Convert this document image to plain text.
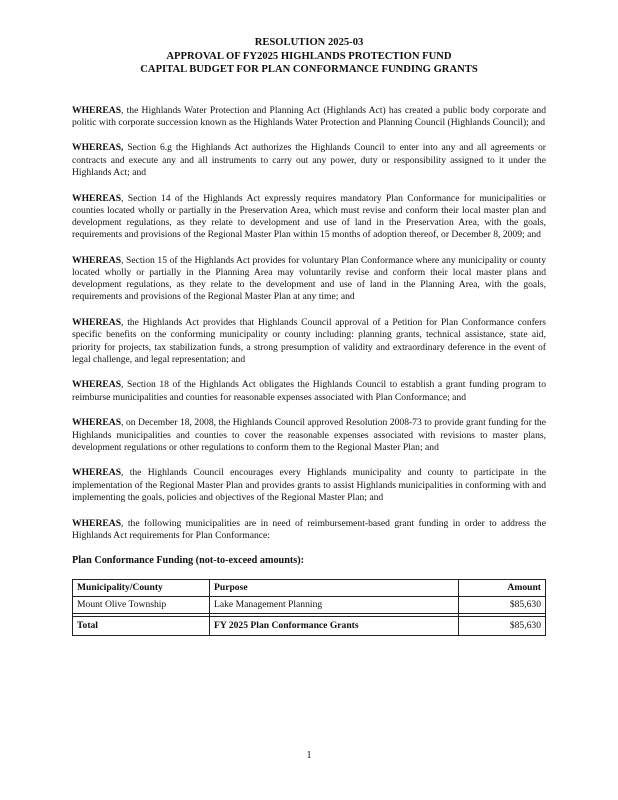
RESOLUTION 2025-03
APPROVAL OF FY2025 HIGHLANDS PROTECTION FUND
CAPITAL BUDGET FOR PLAN CONFORMANCE FUNDING GRANTS

WHEREAS, the Highlands Water Protection and Planning Act (Highlands Act) has created a public body corporate and politic with corporate succession known as the Highlands Water Protection and Planning Council (Highlands Council); and

WHEREAS, Section 6.g the Highlands Act authorizes the Highlands Council to enter into any and all agreements or contracts and execute any and all instruments to carry out any power, duty or responsibility assigned to it under the Highlands Act; and

WHEREAS, Section 14 of the Highlands Act expressly requires mandatory Plan Conformance for municipalities or counties located wholly or partially in the Preservation Area, which must revise and conform their local master plan and development regulations, as they relate to development and use of land in the Preservation Area, with the goals, requirements and provisions of the Regional Master Plan within 15 months of adoption thereof, or December 8, 2009; and

WHEREAS, Section 15 of the Highlands Act provides for voluntary Plan Conformance where any municipality or county located wholly or partially in the Planning Area may voluntarily revise and conform their local master plans and development regulations, as they relate to the development and use of land in the Planning Area, with the goals, requirements and provisions of the Regional Master Plan at any time; and

WHEREAS, the Highlands Act provides that Highlands Council approval of a Petition for Plan Conformance confers specific benefits on the conforming municipality or county including: planning grants, technical assistance, state aid, priority for projects, tax stabilization funds, a strong presumption of validity and extraordinary deference in the event of legal challenge, and legal representation; and

WHEREAS, Section 18 of the Highlands Act obligates the Highlands Council to establish a grant funding program to reimburse municipalities and counties for reasonable expenses associated with Plan Conformance; and

WHEREAS, on December 18, 2008, the Highlands Council approved Resolution 2008-73 to provide grant funding for the Highlands municipalities and counties to cover the reasonable expenses associated with revisions to master plans, development regulations or other regulations to conform them to the Regional Master Plan; and

WHEREAS, the Highlands Council encourages every Highlands municipality and county to participate in the implementation of the Regional Master Plan and provides grants to assist Highlands municipalities in conforming with and implementing the goals, policies and objectives of the Regional Master Plan; and

WHEREAS, the following municipalities are in need of reimbursement-based grant funding in order to address the Highlands Act requirements for Plan Conformance:

Plan Conformance Funding (not-to-exceed amounts):
Municipality/County	Purpose	Amount
Mount Olive Township	Lake Management Planning	$85,630

Total	FY 2025 Plan Conformance Grants	$85,630
1
